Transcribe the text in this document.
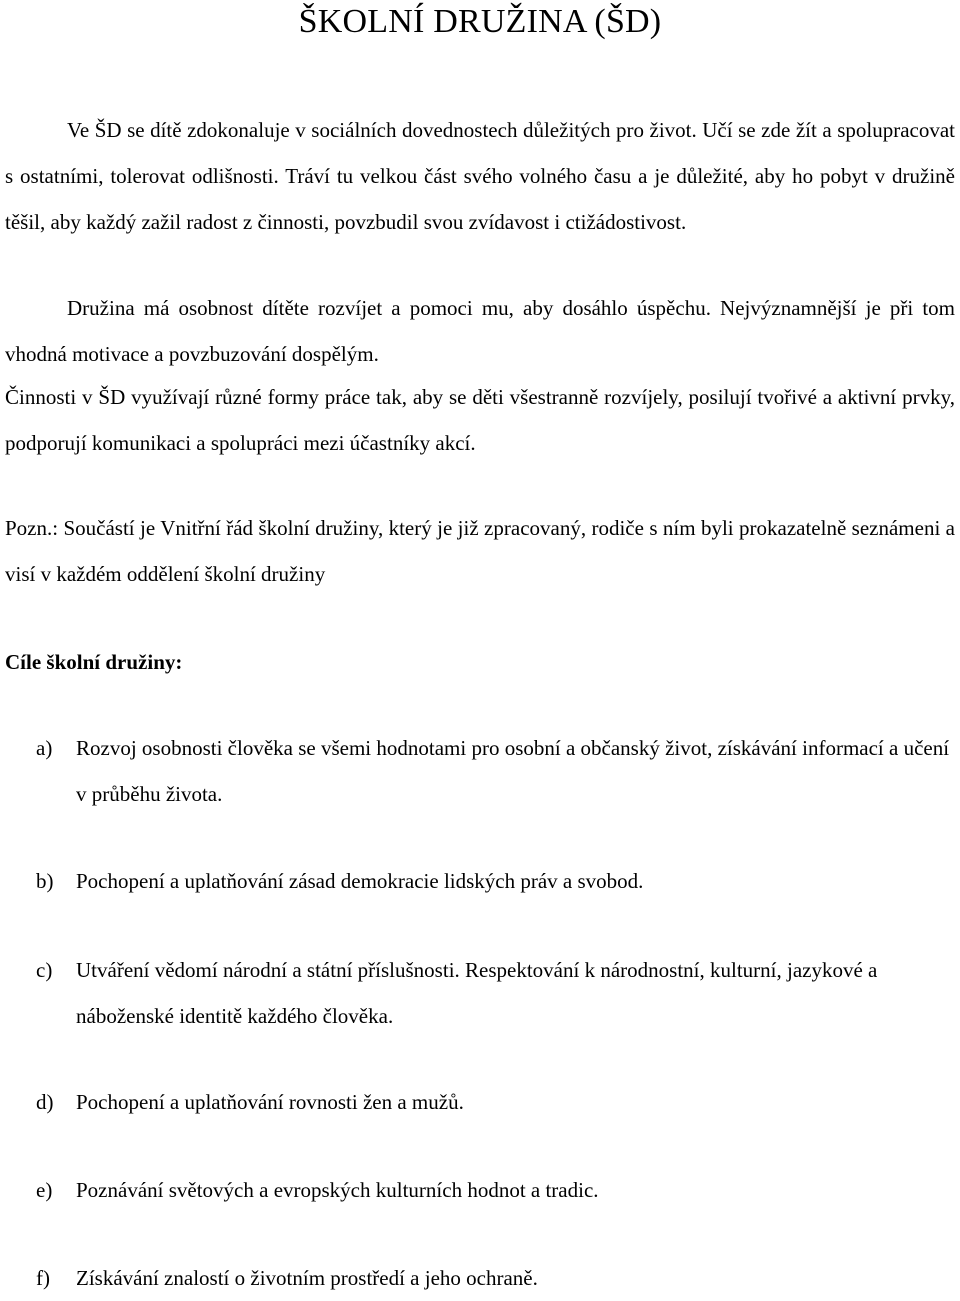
ŠKOLNÍ DRUŽINA (ŠD)

Ve ŠD se dítě zdokonaluje v sociálních dovednostech důležitých pro život. Učí se zde žít a spolupracovat s ostatními, tolerovat odlišnosti. Tráví tu velkou část svého volného času a je důležité, aby ho pobyt v družině těšil, aby každý zažil radost z činnosti, povzbudil svou zvídavost i ctižádostivost.

Družina má osobnost dítěte rozvíjet a pomoci mu, aby dosáhlo úspěchu. Nejvýznamnější je při tom vhodná motivace a povzbuzování dospělým.

Činnosti v ŠD využívají různé formy práce tak, aby se děti všestranně rozvíjely, posilují tvořivé a aktivní prvky, podporují komunikaci a spolupráci mezi účastníky akcí.

Pozn.: Součástí je Vnitřní řád školní družiny, který je již zpracovaný, rodiče s ním byli prokazatelně seznámeni a visí v každém oddělení školní družiny

Cíle školní družiny:
a) Rozvoj osobnosti člověka se všemi hodnotami pro osobní a občanský život, získávání informací a učení v průběhu života.
b) Pochopení a uplatňování zásad demokracie lidských práv a svobod.
c) Utváření vědomí národní a státní příslušnosti. Respektování k národnostní, kulturní, jazykové a náboženské identitě každého člověka.
d) Pochopení a uplatňování rovnosti žen a mužů.
e) Poznávání světových a evropských kulturních hodnot a tradic.
f) Získávání znalostí o životním prostředí a jeho ochraně.
